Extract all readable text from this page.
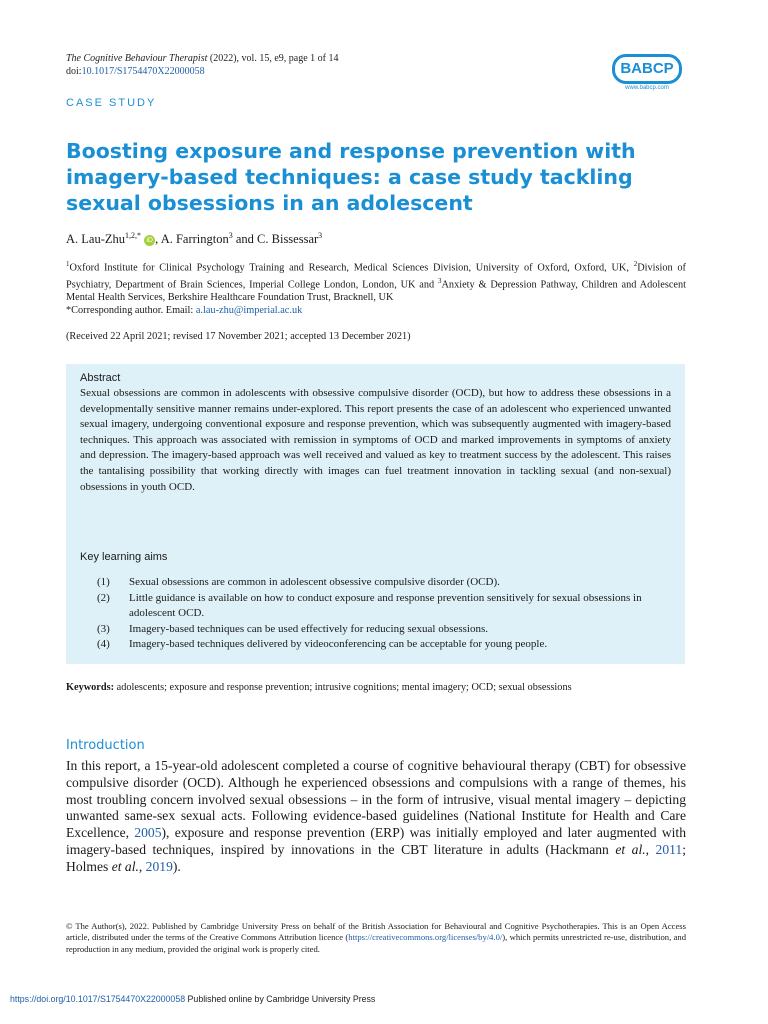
The Cognitive Behaviour Therapist (2022), vol. 15, e9, page 1 of 14
doi:10.1017/S1754470X22000058	BABCP
www.babcp.com
CASE STUDY
Boosting exposure and response prevention with imagery-based techniques: a case study tackling sexual obsessions in an adolescent
A. Lau-Zhu$^{1,2,*}$ iD , A. Farrington$^3$ and C. Bissessar$^3$
$^1$Oxford Institute for Clinical Psychology Training and Research, Medical Sciences Division, University of Oxford, Oxford, UK, $^2$Division of Psychiatry, Department of Brain Sciences, Imperial College London, London, UK and $^3$Anxiety & Depression Pathway, Children and Adolescent Mental Health Services, Berkshire Healthcare Foundation Trust, Bracknell, UK
*Corresponding author. Email: a.lau-zhu@imperial.ac.uk
(Received 22 April 2021; revised 17 November 2021; accepted 13 December 2021)
Abstract
Sexual obsessions are common in adolescents with obsessive compulsive disorder (OCD), but how to address these obsessions in a developmentally sensitive manner remains under-explored. This report presents the case of an adolescent who experienced unwanted sexual imagery, undergoing conventional exposure and response prevention, which was subsequently augmented with imagery-based techniques. This approach was associated with remission in symptoms of OCD and marked improvements in symptoms of anxiety and depression. The imagery-based approach was well received and valued as key to treatment success by the adolescent. This raises the tantalising possibility that working directly with images can fuel treatment innovation in tackling sexual (and non-sexual) obsessions in youth OCD.
Key learning aims
(1)	Sexual obsessions are common in adolescent obsessive compulsive disorder (OCD).
(2)	Little guidance is available on how to conduct exposure and response prevention sensitively for sexual obsessions in adolescent OCD.
(3)	Imagery-based techniques can be used effectively for reducing sexual obsessions.
(4)	Imagery-based techniques delivered by videoconferencing can be acceptable for young people.
Keywords: adolescents; exposure and response prevention; intrusive cognitions; mental imagery; OCD; sexual obsessions
Introduction
In this report, a 15-year-old adolescent completed a course of cognitive behavioural therapy (CBT) for obsessive compulsive disorder (OCD). Although he experienced obsessions and compulsions with a range of themes, his most troubling concern involved sexual obsessions – in the form of intrusive, visual mental imagery – depicting unwanted same-sex sexual acts. Following evidence-based guidelines (National Institute for Health and Care Excellence, 2005), exposure and response prevention (ERP) was initially employed and later augmented with imagery-based techniques, inspired by innovations in the CBT literature in adults (Hackmann et al., 2011; Holmes et al., 2019).
© The Author(s), 2022. Published by Cambridge University Press on behalf of the British Association for Behavioural and Cognitive Psychotherapies. This is an Open Access article, distributed under the terms of the Creative Commons Attribution licence (https://creativecommons.org/licenses/by/4.0/), which permits unrestricted re-use, distribution, and reproduction in any medium, provided the original work is properly cited.
https://doi.org/10.1017/S1754470X22000058 Published online by Cambridge University Press
